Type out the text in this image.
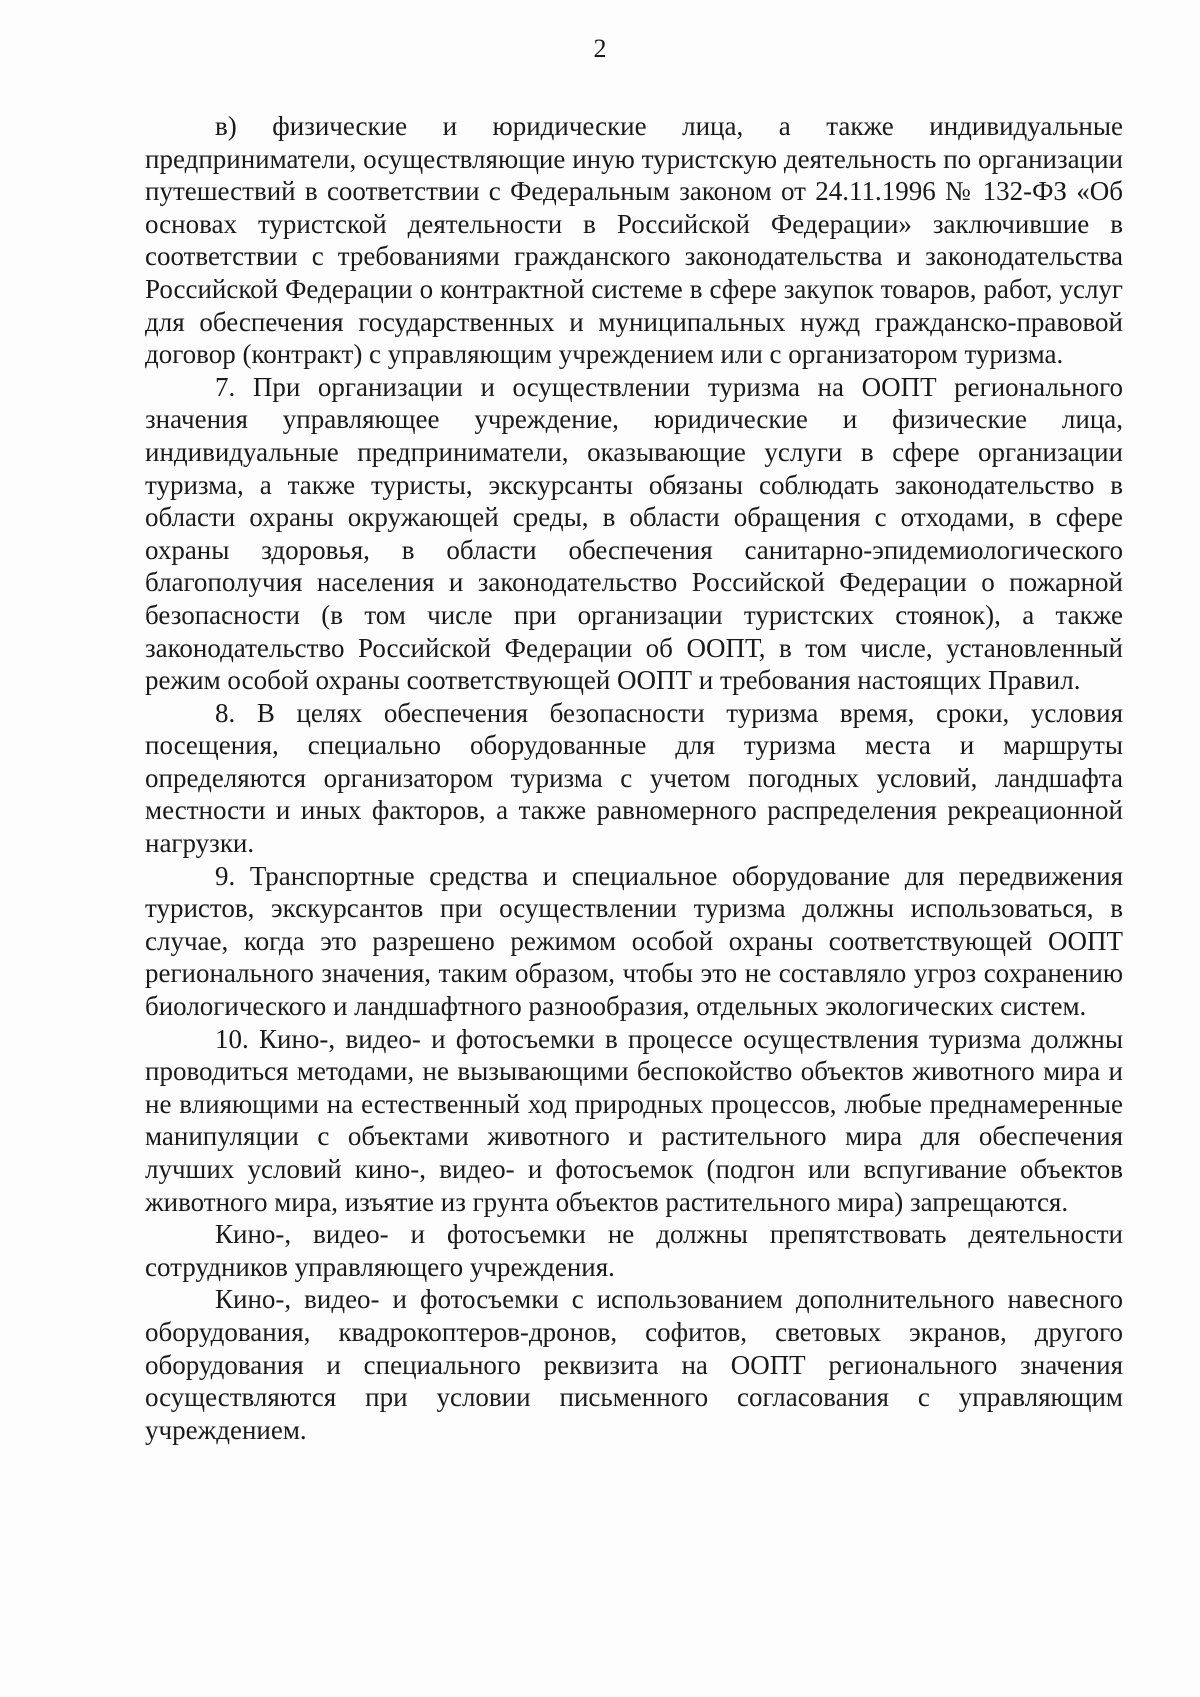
2

в) физические и юридические лица, а также индивидуальные предприниматели, осуществляющие иную туристскую деятельность по организации путешествий в соответствии с Федеральным законом от 24.11.1996 № 132-ФЗ «Об основах туристской деятельности в Российской Федерации» заключившие в соответствии с требованиями гражданского законодательства и законодательства Российской Федерации о контрактной системе в сфере закупок товаров, работ, услуг для обеспечения государственных и муниципальных нужд гражданско-правовой договор (контракт) с управляющим учреждением или с организатором туризма.

7. При организации и осуществлении туризма на ООПТ регионального значения управляющее учреждение, юридические и физические лица, индивидуальные предприниматели, оказывающие услуги в сфере организации туризма, а также туристы, экскурсанты обязаны соблюдать законодательство в области охраны окружающей среды, в области обращения с отходами, в сфере охраны здоровья, в области обеспечения санитарно-эпидемиологического благополучия населения и законодательство Российской Федерации о пожарной безопасности (в том числе при организации туристских стоянок), а также законодательство Российской Федерации об ООПТ, в том числе, установленный режим особой охраны соответствующей ООПТ и требования настоящих Правил.

8. В целях обеспечения безопасности туризма время, сроки, условия посещения, специально оборудованные для туризма места и маршруты определяются организатором туризма с учетом погодных условий, ландшафта местности и иных факторов, а также равномерного распределения рекреационной нагрузки.

9. Транспортные средства и специальное оборудование для передвижения туристов, экскурсантов при осуществлении туризма должны использоваться, в случае, когда это разрешено режимом особой охраны соответствующей ООПТ регионального значения, таким образом, чтобы это не составляло угроз сохранению биологического и ландшафтного разнообразия, отдельных экологических систем.

10. Кино-, видео- и фотосъемки в процессе осуществления туризма должны проводиться методами, не вызывающими беспокойство объектов животного мира и не влияющими на естественный ход природных процессов, любые преднамеренные манипуляции с объектами животного и растительного мира для обеспечения лучших условий кино-, видео- и фотосъемок (подгон или вспугивание объектов животного мира, изъятие из грунта объектов растительного мира) запрещаются.

Кино-, видео- и фотосъемки не должны препятствовать деятельности сотрудников управляющего учреждения.

Кино-, видео- и фотосъемки с использованием дополнительного навесного оборудования, квадрокоптеров-дронов, софитов, световых экранов, другого оборудования и специального реквизита на ООПТ регионального значения осуществляются при условии письменного согласования с управляющим учреждением.
